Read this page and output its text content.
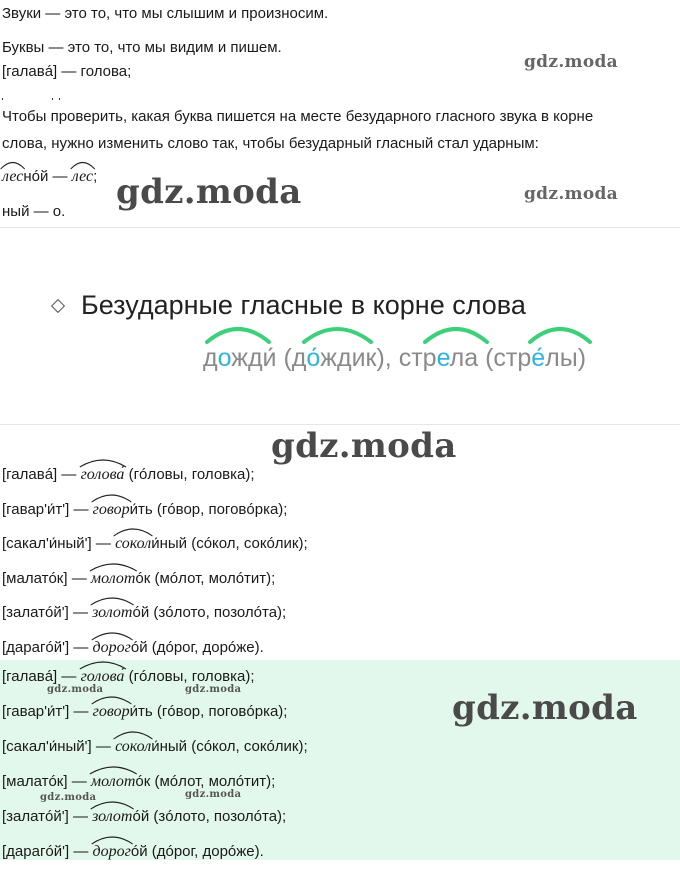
Звуки — это то, что мы слышим и произносим.
Буквы — это то, что мы видим и пишем.
[галавá] — голова;
Чтобы проверить, какая буква пишется на месте безударного гласного звука в корне
слова, нужно изменить слово так, чтобы безударный гласный стал ударным:
леснóй —
лес;
ный — о.
gdz.moda
gdz.moda	gdz.moda
Безударные гласные в корне слова
дожди́ (до́ждик), стрела (стре́лы)
gdz.moda
[галавá] —
голова́ (гóловы, головка);
[гавар'и́т'] —
говори́ть (гóвор, поговóрка);
[сакал'и́ный'] —
соколи́ный (сóкол, сокóлик);
[малатóк] —
молотóк (мóлот, молóтит);
[залатóй'] —
золотóй (зóлото, позолóта);
[дарагóй'] —
дорогóй (дóрог, дорóже).
[галавá] —
голова́ (гóловы, головка);
[гавар'и́т'] —
говори́ть (гóвор, поговóрка);
[сакал'и́ный'] —
соколи́ный (сóкол, сокóлик);
[малатóк] —
молотóк (мóлот, молóтит);
[залатóй'] —
золотóй (зóлото, позолóта);
[дарагóй'] —
дорогóй (дóрог, дорóже).
gdz.moda	gdz.moda	gdz.moda
gdz.moda	gdz.moda
